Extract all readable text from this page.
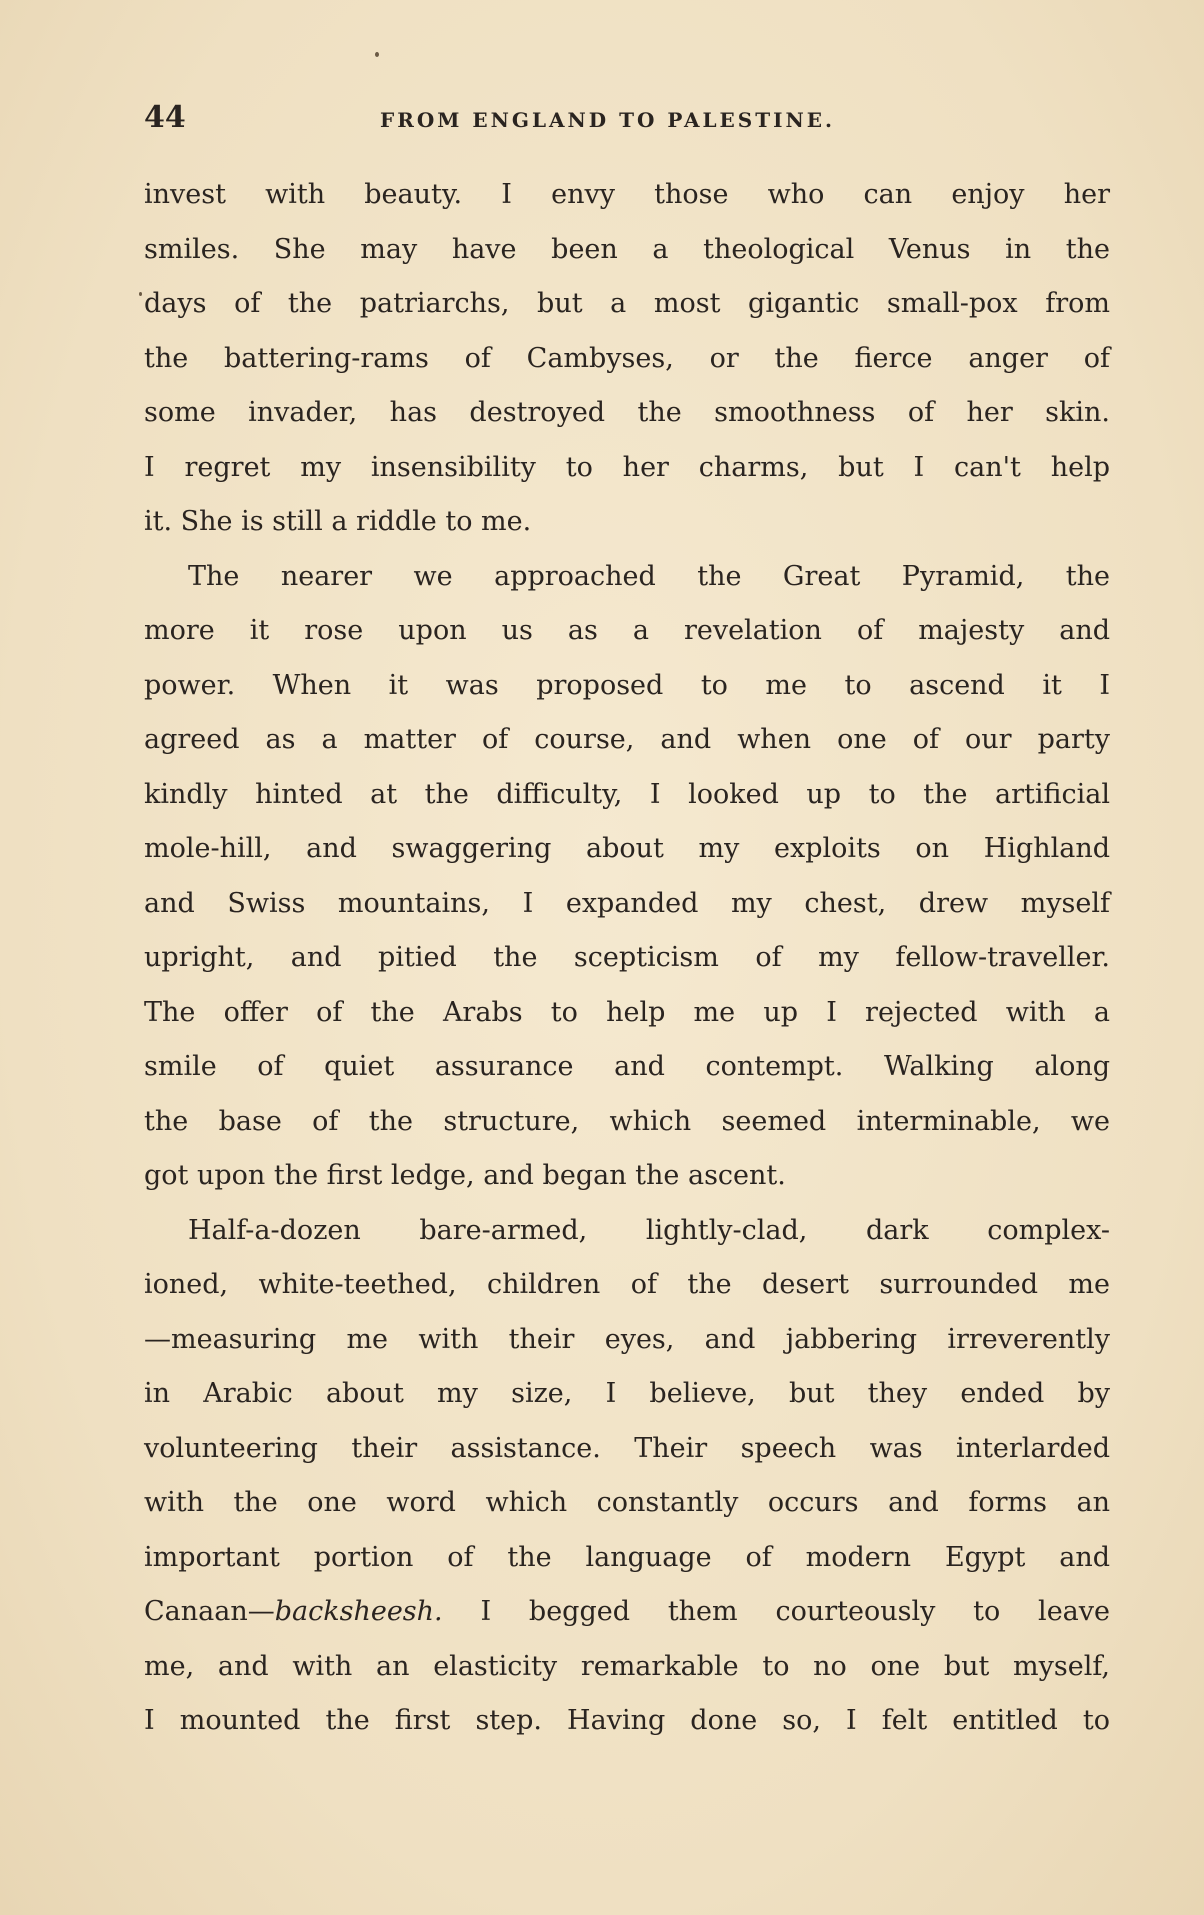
44	FROM ENGLAND TO PALESTINE.
invest with beauty. I envy those who can enjoy her
smiles. She may have been a theological Venus in the
days of the patriarchs, but a most gigantic small-pox from
the battering-rams of Cambyses, or the fierce anger of
some invader, has destroyed the smoothness of her skin.
I regret my insensibility to her charms, but I can't help
it. She is still a riddle to me.
The nearer we approached the Great Pyramid, the
more it rose upon us as a revelation of majesty and
power. When it was proposed to me to ascend it I
agreed as a matter of course, and when one of our party
kindly hinted at the difficulty, I looked up to the artificial
mole-hill, and swaggering about my exploits on Highland
and Swiss mountains, I expanded my chest, drew myself
upright, and pitied the scepticism of my fellow-traveller.
The offer of the Arabs to help me up I rejected with a
smile of quiet assurance and contempt. Walking along
the base of the structure, which seemed interminable, we
got upon the first ledge, and began the ascent.
Half-a-dozen bare-armed, lightly-clad, dark complex-
ioned, white-teethed, children of the desert surrounded me
—measuring me with their eyes, and jabbering irreverently
in Arabic about my size, I believe, but they ended by
volunteering their assistance. Their speech was interlarded
with the one word which constantly occurs and forms an
important portion of the language of modern Egypt and
Canaan—backsheesh. I begged them courteously to leave
me, and with an elasticity remarkable to no one but myself,
I mounted the first step. Having done so, I felt entitled to
